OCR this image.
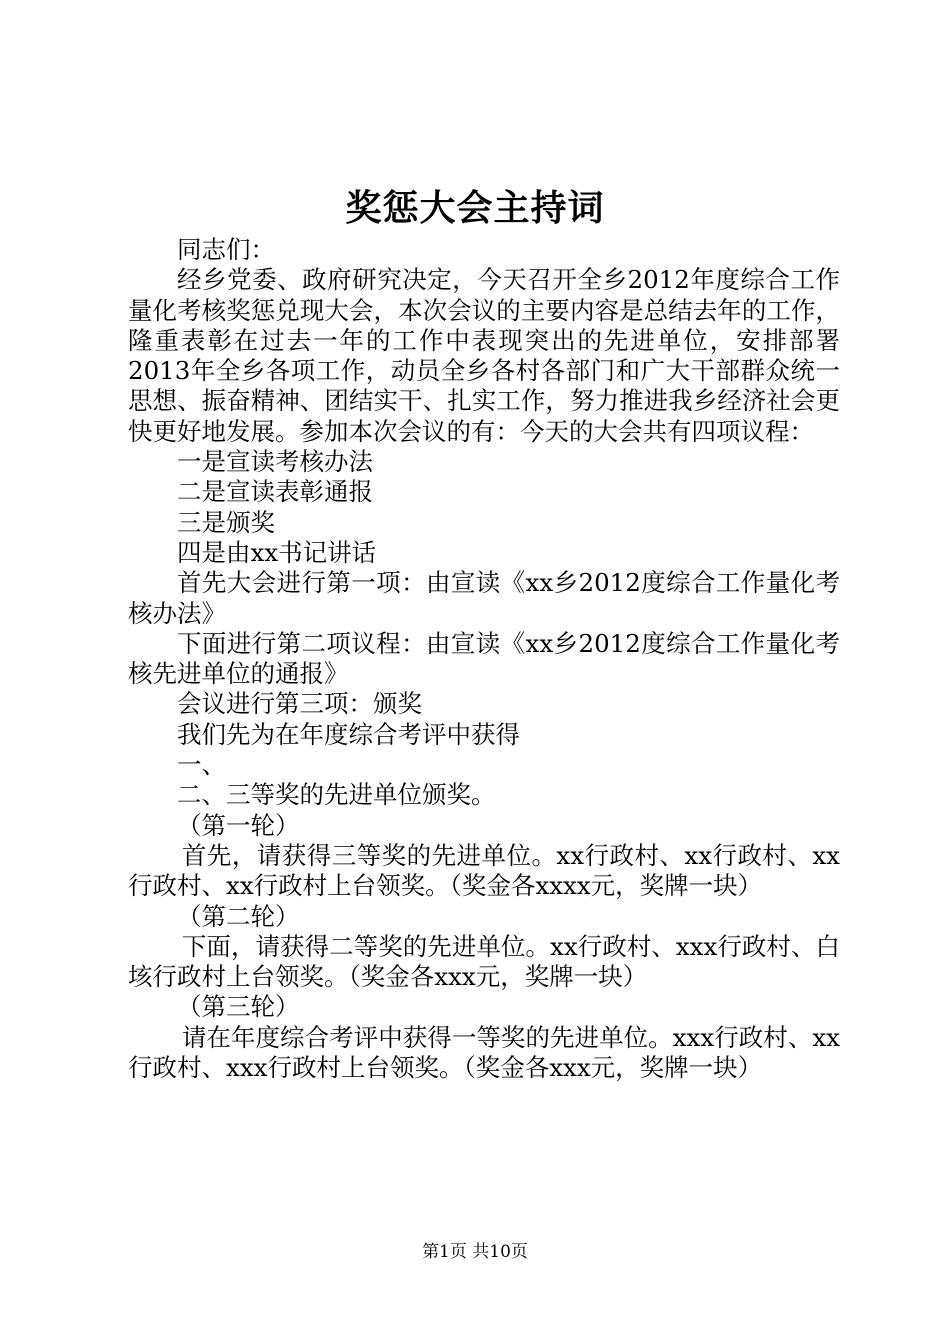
奖惩大会主持词

同志们：

经乡党委、政府研究决定，今天召开全乡2012年度综合工作量化考核奖惩兑现大会，本次会议的主要内容是总结去年的工作，隆重表彰在过去一年的工作中表现突出的先进单位，安排部署2013年全乡各项工作，动员全乡各村各部门和广大干部群众统一思想、振奋精神、团结实干、扎实工作，努力推进我乡经济社会更快更好地发展。参加本次会议的有：今天的大会共有四项议程：

一是宣读考核办法

二是宣读表彰通报

三是颁奖

四是由xx书记讲话

首先大会进行第一项：由宣读《xx乡2012度综合工作量化考核办法》

下面进行第二项议程：由宣读《xx乡2012度综合工作量化考核先进单位的通报》

会议进行第三项：颁奖

我们先为在年度综合考评中获得

一、

二、三等奖的先进单位颁奖。

（第一轮）

首先，请获得三等奖的先进单位。xx行政村、xx行政村、xx行政村、xx行政村上台领奖。（奖金各xxxx元，奖牌一块）

（第二轮）

下面，请获得二等奖的先进单位。xx行政村、xxx行政村、白垓行政村上台领奖。（奖金各xxx元，奖牌一块）

（第三轮）

请在年度综合考评中获得一等奖的先进单位。xxx行政村、xx行政村、xxx行政村上台领奖。（奖金各xxx元，奖牌一块）

第1页 共10页
